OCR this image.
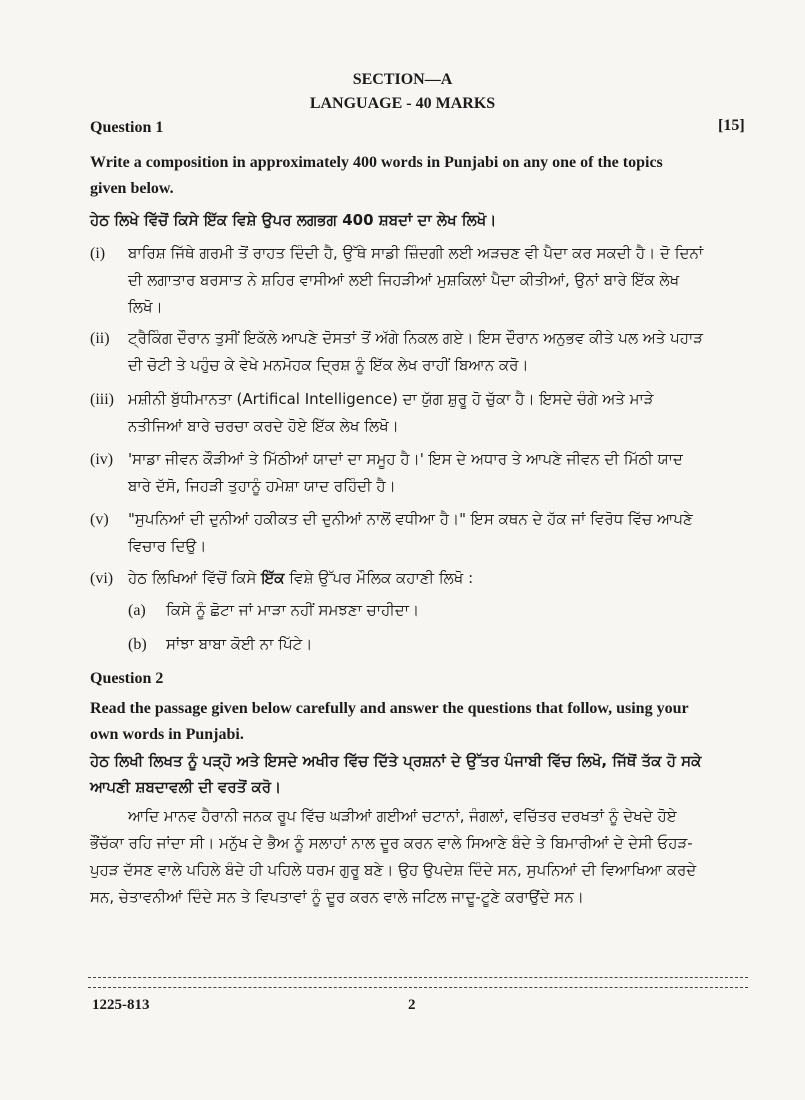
SECTION—A
LANGUAGE - 40 MARKS
Question 1	[15]
Write a composition in approximately 400 words in Punjabi on any one of the topics given below.
ਹੇਠ ਲਿਖੇ ਵਿੱਚੋਂ ਕਿਸੇ ਇੱਕ ਵਿਸ਼ੇ ਉਪਰ ਲਗਭਗ 400 ਸ਼ਬਦਾਂ ਦਾ ਲੇਖ ਲਿਖੋ।
(i) ਬਾਰਿਸ਼ ਜਿੱਥੇ ਗਰਮੀ ਤੋਂ ਰਾਹਤ ਦਿੰਦੀ ਹੈ, ਉੱਥੇ ਸਾਡੀ ਜ਼ਿੰਦਗੀ ਲਈ ਅੜਚਣ ਵੀ ਪੈਦਾ ਕਰ ਸਕਦੀ ਹੈ। ਦੋ ਦਿਨਾਂ ਦੀ ਲਗਾਤਾਰ ਬਰਸਾਤ ਨੇ ਸ਼ਹਿਰ ਵਾਸੀਆਂ ਲਈ ਜਿਹੜੀਆਂ ਮੁਸ਼ਕਿਲਾਂ ਪੈਦਾ ਕੀਤੀਆਂ, ਉਨਾਂ ਬਾਰੇ ਇੱਕ ਲੇਖ ਲਿਖੋ।
(ii) ਟ੍ਰੈਕਿੰਗ ਦੌਰਾਨ ਤੁਸੀਂ ਇਕੱਲੇ ਆਪਣੇ ਦੋਸਤਾਂ ਤੋਂ ਅੱਗੇ ਨਿਕਲ ਗਏ। ਇਸ ਦੌਰਾਨ ਅਨੁਭਵ ਕੀਤੇ ਪਲ ਅਤੇ ਪਹਾੜ ਦੀ ਚੋਟੀ ਤੇ ਪਹੁੰਚ ਕੇ ਵੇਖੇ ਮਨਮੋਹਕ ਦ੍ਰਿਸ਼ ਨੂੰ ਇੱਕ ਲੇਖ ਰਾਹੀਂ ਬਿਆਨ ਕਰੋ।
(iii) ਮਸ਼ੀਨੀ ਬੁੱਧੀਮਾਨਤਾ (Artifical Intelligence) ਦਾ ਯੁੱਗ ਸ਼ੁਰੂ ਹੋ ਚੁੱਕਾ ਹੈ। ਇਸਦੇ ਚੰਗੇ ਅਤੇ ਮਾੜੇ ਨਤੀਜਿਆਂ ਬਾਰੇ ਚਰਚਾ ਕਰਦੇ ਹੋਏ ਇੱਕ ਲੇਖ ਲਿਖੋ।
(iv) 'ਸਾਡਾ ਜੀਵਨ ਕੌੜੀਆਂ ਤੇ ਮਿੱਠੀਆਂ ਯਾਦਾਂ ਦਾ ਸਮੂਹ ਹੈ।' ਇਸ ਦੇ ਅਧਾਰ ਤੇ ਆਪਣੇ ਜੀਵਨ ਦੀ ਮਿੱਠੀ ਯਾਦ ਬਾਰੇ ਦੱਸੋ, ਜਿਹੜੀ ਤੁਹਾਨੂੰ ਹਮੇਸ਼ਾ ਯਾਦ ਰਹਿੰਦੀ ਹੈ।
(v) "ਸੁਪਨਿਆਂ ਦੀ ਦੁਨੀਆਂ ਹਕੀਕਤ ਦੀ ਦੁਨੀਆਂ ਨਾਲੋਂ ਵਧੀਆ ਹੈ।" ਇਸ ਕਥਨ ਦੇ ਹੱਕ ਜਾਂ ਵਿਰੋਧ ਵਿੱਚ ਆਪਣੇ ਵਿਚਾਰ ਦਿਉ।
(vi) ਹੇਠ ਲਿਖਿਆਂ ਵਿੱਚੋਂ ਕਿਸੇ ਇੱਕ ਵਿਸ਼ੇ ਉੱਪਰ ਮੌਲਿਕ ਕਹਾਣੀ ਲਿਖੋ :
(a) ਕਿਸੇ ਨੂੰ ਛੋਟਾ ਜਾਂ ਮਾੜਾ ਨਹੀਂ ਸਮਝਣਾ ਚਾਹੀਦਾ।
(b) ਸਾਂਝਾ ਬਾਬਾ ਕੋਈ ਨਾ ਪਿੱਟੇ।
Question 2
Read the passage given below carefully and answer the questions that follow, using your own words in Punjabi.
ਹੇਠ ਲਿਖੀ ਲਿਖਤ ਨੂੰ ਪੜ੍ਹੋ ਅਤੇ ਇਸਦੇ ਅਖੀਰ ਵਿੱਚ ਦਿੱਤੇ ਪ੍ਰਸ਼ਨਾਂ ਦੇ ਉੱਤਰ ਪੰਜਾਬੀ ਵਿੱਚ ਲਿਖੋ, ਜਿੱਥੋਂ ਤੱਕ ਹੋ ਸਕੇ ਆਪਣੀ ਸ਼ਬਦਾਵਲੀ ਦੀ ਵਰਤੋਂ ਕਰੋ।
ਆਦਿ ਮਾਨਵ ਹੈਰਾਨੀ ਜਨਕ ਰੂਪ ਵਿੱਚ ਘੜੀਆਂ ਗਈਆਂ ਚਟਾਨਾਂ, ਜੰਗਲਾਂ, ਵਚਿੱਤਰ ਦਰਖਤਾਂ ਨੂੰ ਦੇਖਦੇ ਹੋਏ ਭੌਂਚੱਕਾ ਰਹਿ ਜਾਂਦਾ ਸੀ। ਮਨੁੱਖ ਦੇ ਭੈਅ ਨੂੰ ਸਲਾਹਾਂ ਨਾਲ ਦੂਰ ਕਰਨ ਵਾਲੇ ਸਿਆਣੇ ਬੰਦੇ ਤੇ ਬਿਮਾਰੀਆਂ ਦੇ ਦੇਸੀ ਓਹੜ-ਪੁਹੜ ਦੱਸਣ ਵਾਲੇ ਪਹਿਲੇ ਬੰਦੇ ਹੀ ਪਹਿਲੇ ਧਰਮ ਗੁਰੂ ਬਣੇ। ਉਹ ਉਪਦੇਸ਼ ਦਿੰਦੇ ਸਨ, ਸੁਪਨਿਆਂ ਦੀ ਵਿਆਖਿਆ ਕਰਦੇ ਸਨ, ਚੇਤਾਵਨੀਆਂ ਦਿੰਦੇ ਸਨ ਤੇ ਵਿਪਤਾਵਾਂ ਨੂੰ ਦੂਰ ਕਰਨ ਵਾਲੇ ਜਟਿਲ ਜਾਦੂ-ਟੂਣੇ ਕਰਾਉਂਦੇ ਸਨ।
1225-813	2
